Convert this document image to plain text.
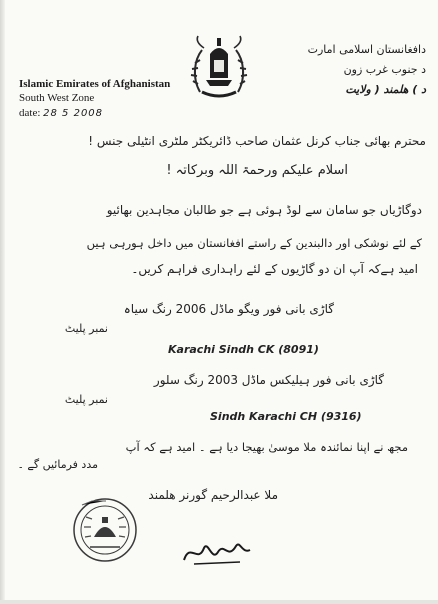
Islamic Emirates of Afghanistan
South West Zone
date: 28 5 2008
دافغانستان اسلامی امارت
د جنوب غرب زون
د ) هلمند ( ولایت
محترم بھائی جناب کرنل عثمان صاحب ڈائریکٹر ملٹری انٹیلی جنس !
اسلام علیکم ورحمۃ اللہ وبرکاتہ !
دوگاڑیاں جو سامان سے لوڈ ہوئی ہے جو طالبان مجاہدین بھائیو
کے لئے نوشکی اور دالبندین کے راستے افغانستان میں داخل ہورہی ہیں
امید ہےکہ آپ ان دو گاڑیوں کے لئے راہداری فراہم کریں۔
گاڑی بانی فور ویگو ماڈل 2006 رنگ سیاہ
نمبر پلیٹ
Karachi Sindh CK (8091)
گاڑی بانی فور ہیلیکس ماڈل 2003 رنگ سلور
نمبر پلیٹ
Sindh Karachi CH (9316)
مجھ نے اپنا نمائندہ ملا موسیٰ بھیجا دیا ہے ۔ امید ہے کہ آپ
مدد فرمائیں گے ۔
ملا عبدالرحیم گورنر ھلمند
